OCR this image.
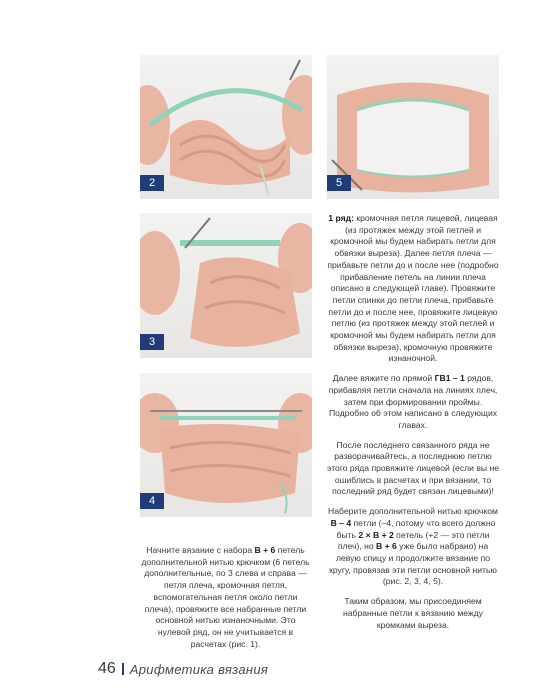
2	5
3
4

Начните вязание с набора В + 6 петель дополнительной нитью крючком (6 петель дополнительные, по 3 слева и справа — петля плеча, кромочная петля, вспомогательная петля около петли плеча), провяжите все набранные петли основной нитью изнаночными. Это нулевой ряд, он не учитывается в расчетах (рис. 1).

1 ряд: кромочная петля лицевой, лицевая (из протяжек между этой петлей и кромочной мы будем набирать петли для обвязки выреза). Далее петля плеча — прибавьте петли до и после нее (подробно прибавление петель на линии плеча описано в следующей главе). Провяжите петли спинки до петли плеча, прибавьте петли до и после нее, провяжите лицевую петлю (из протяжек между этой петлей и кромочной мы будем набирать петли для обвязки выреза), кромочную провяжите изнаночной.

Далее вяжите по прямой ГВ1 – 1 рядов, прибавляя петли сначала на линиях плеч, затем при формировании проймы. Подробно об этом написано в следующих главах.

После последнего связанного ряда не разворачивайтесь, а последнюю петлю этого ряда провяжите лицевой (если вы не ошиблись в расчетах и при вязании, то последний ряд будет связан лицевыми)!

Наберите дополнительной нитью крючком В – 4 петли (–4, потому что всего должно быть 2 × В + 2 петель (+2 — это петли плеч), но В + 6 уже было набрано) на левую спицу и продолжите вязание по кругу, провязав эти петли основной нитью (рис. 2, 3, 4, 5).

Таким образом, мы присоединяем набранные петли к вязанию между кромками выреза.

46 Арифметика вязания
